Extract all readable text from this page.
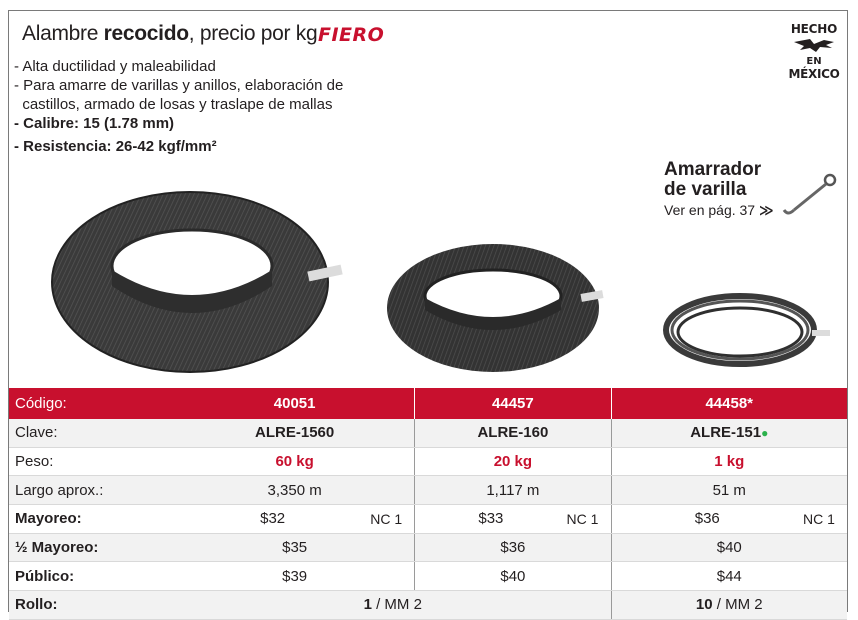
Alambre recocido, precio por kg FIERO	HECHO
EN
MÉXICO
- Alta ductilidad y maleabilidad
- Para amarre de varillas y anillos, elaboración de
castillos, armado de losas y traslape de mallas
- Calibre: 15 (1.78 mm)
- Resistencia: 26-42 kgf/mm²
Amarrador
de varilla
Ver en pág. 37 ≫
Código:	40051		44457		44458*	
Clave:	ALRE-1560		ALRE-160		ALRE-151●	
Peso:	60 kg		20 kg		1 kg	
Largo aprox.:	3,350 m		1,117 m		51 m	
Mayoreo:	$32	NC 1	$33	NC 1	$36	NC 1
½ Mayoreo:	$35		$36		$40	
Público:	$39		$40		$44	
Rollo:	1 / MM 2				10 / MM 2	
